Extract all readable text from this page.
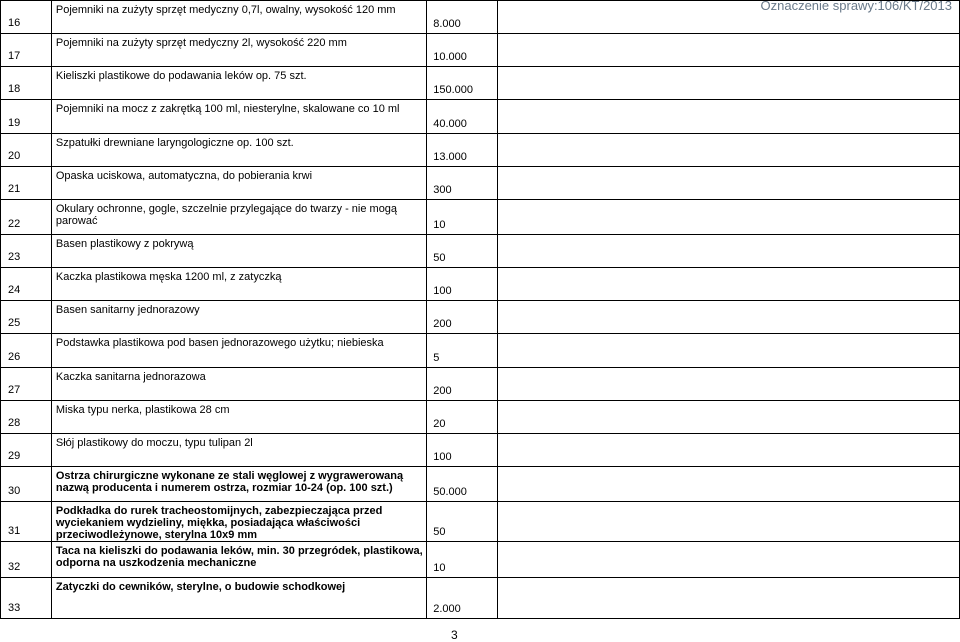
Oznaczenie sprawy:106/KT/2013
16	Pojemniki na zużyty sprzęt medyczny 0,7l, owalny, wysokość 120 mm	8.000	

17	Pojemniki na zużyty sprzęt medyczny 2l, wysokość 220 mm	10.000	

18	Kieliszki plastikowe do podawania leków op. 75 szt.	150.000	

19	Pojemniki na mocz z zakrętką 100 ml, niesterylne, skalowane co 10 ml	40.000	

20	Szpatułki drewniane laryngologiczne op. 100 szt.	13.000	

21	Opaska uciskowa, automatyczna, do pobierania krwi	300	

22	Okulary ochronne, gogle, szczelnie przylegające do twarzy - nie mogą parować	10	

23	Basen plastikowy z pokrywą	50	

24	Kaczka plastikowa męska 1200 ml, z zatyczką	100	

25	Basen sanitarny jednorazowy	200	

26	Podstawka plastikowa pod basen jednorazowego użytku; niebieska	5	

27	Kaczka sanitarna jednorazowa	200	

28	Miska typu nerka, plastikowa 28 cm	20	

29	Słój plastikowy do moczu, typu tulipan 2l	100	

30	Ostrza chirurgiczne wykonane ze stali węglowej z wygrawerowaną nazwą producenta i numerem ostrza, rozmiar 10-24 (op. 100 szt.)	50.000	

31	Podkładka do rurek tracheostomijnych, zabezpieczająca przed wyciekaniem wydzieliny, miękka, posiadająca właściwości przeciwodleżynowe, sterylna 10x9 mm	50	

32	Taca na kieliszki do podawania leków, min. 30 przegródek, plastikowa, odporna na uszkodzenia mechaniczne	10	

33	Zatyczki do cewników, sterylne, o budowie schodkowej	2.000	

3
